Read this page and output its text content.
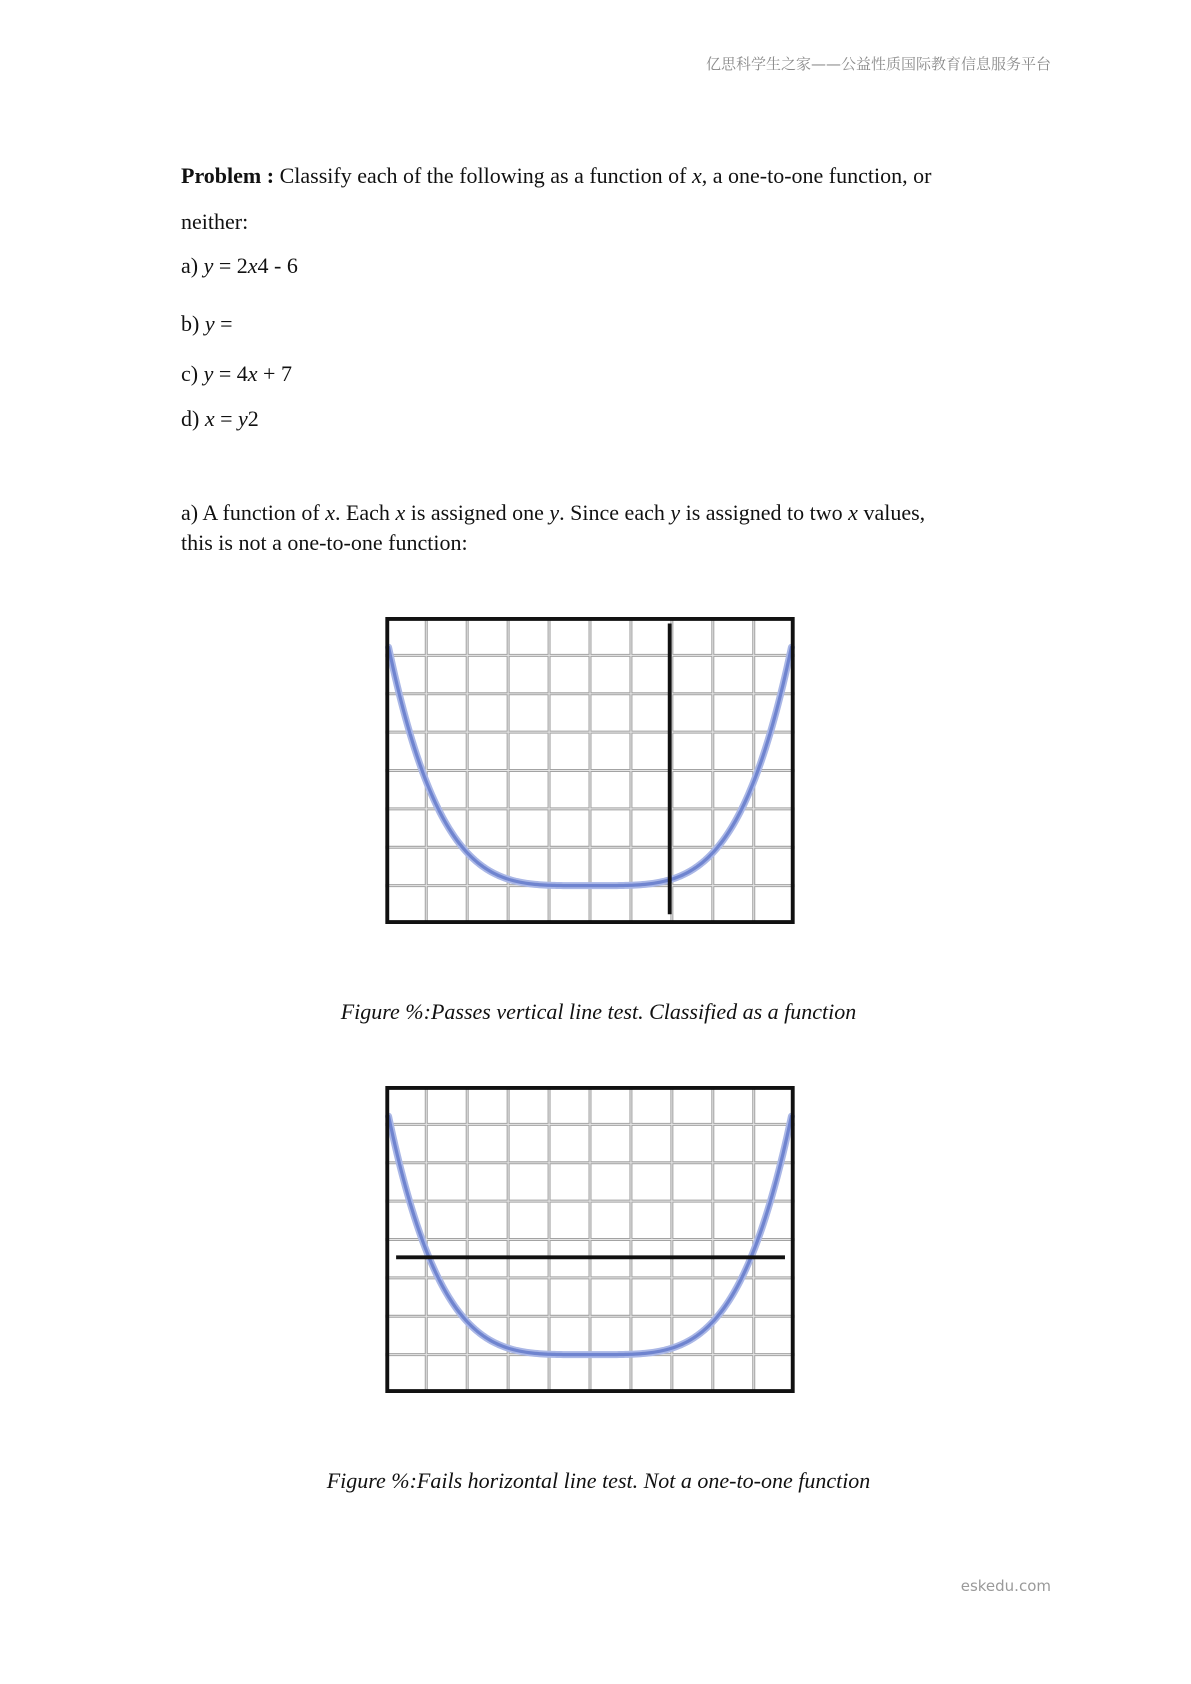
亿思科学生之家——公益性质国际教育信息服务平台
Problem : Classify each of the following as a function of x, a one-to-one function, or
neither:
a) y = 2x4 - 6
b) y =
c) y = 4x + 7
d) x = y2
a) A function of x. Each x is assigned one y. Since each y is assigned to two x values,
this is not a one-to-one function:
Figure %:Passes vertical line test. Classified as a function
Figure %:Fails horizontal line test. Not a one-to-one function
eskedu.com
